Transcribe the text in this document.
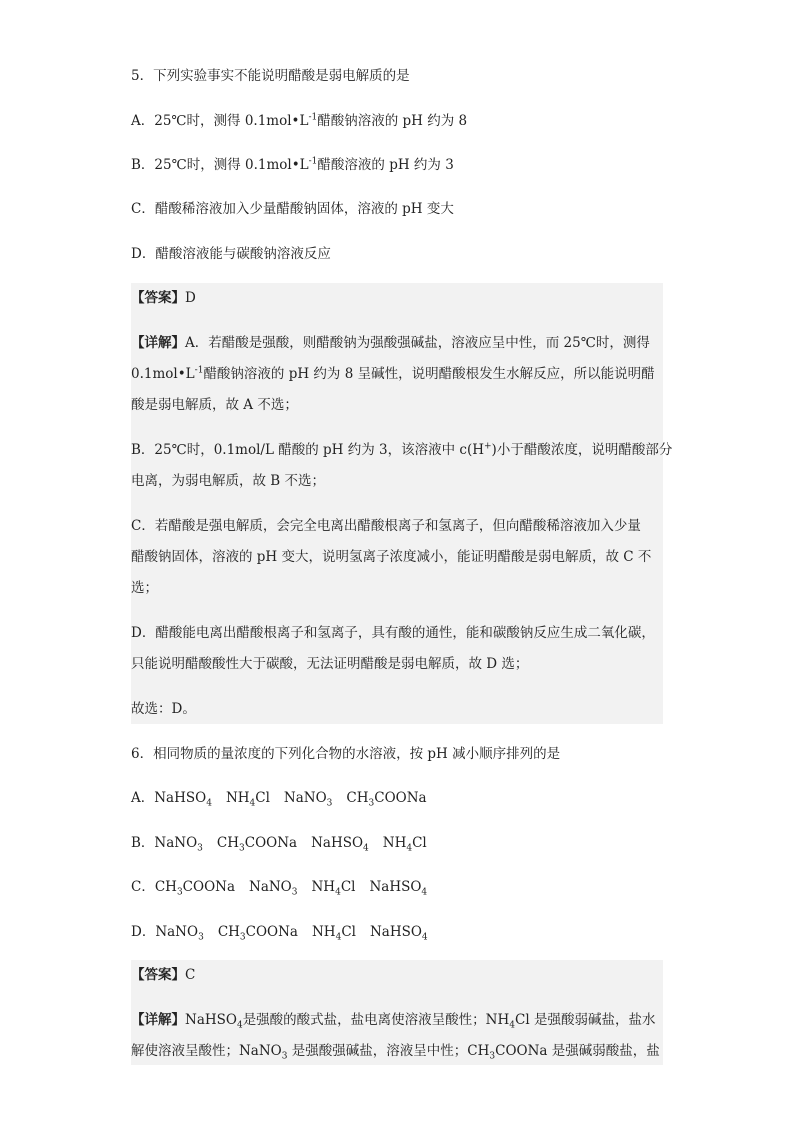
5．下列实验事实不能说明醋酸是弱电解质的是
A．25℃时，测得 $0.1mol•L^{-1}$醋酸钠溶液的 pH 约为 8
B．25℃时，测得 $0.1mol•L^{-1}$醋酸溶液的 pH 约为 3
C．醋酸稀溶液加入少量醋酸钠固体，溶液的 pH 变大
D．醋酸溶液能与碳酸钠溶液反应
【答案】D
【详解】A．若醋酸是强酸，则醋酸钠为强酸强碱盐，溶液应呈中性，而 25℃时，测得
$0.1mol•L^{-1}$醋酸钠溶液的 pH 约为 8 呈碱性，说明醋酸根发生水解反应，所以能说明醋
酸是弱电解质，故 A 不选；
B．25℃时，0.1mol/L 醋酸的 pH 约为 3，该溶液中 c(H+)小于醋酸浓度，说明醋酸部分
电离，为弱电解质，故 B 不选；
C．若醋酸是强电解质，会完全电离出醋酸根离子和氢离子，但向醋酸稀溶液加入少量
醋酸钠固体，溶液的 pH 变大，说明氢离子浓度减小，能证明醋酸是弱电解质，故 C 不
选；
D．醋酸能电离出醋酸根离子和氢离子，具有酸的通性，能和碳酸钠反应生成二氧化碳，
只能说明醋酸酸性大于碳酸，无法证明醋酸是弱电解质，故 D 选；
故选：D。
6．相同物质的量浓度的下列化合物的水溶液，按 pH 减小顺序排列的是
A．NaHSO$_4$ $NH_4Cl$ NaNO$_3$ $CH_3COONa$
B．NaNO$_3$ $CH_3COONa$ NaHSO$_4$ $NH_4Cl$
C．$CH_3COONa$ NaNO$_3$ $NH_4Cl$ NaHSO$_4$
D．NaNO$_3$ $CH_3COONa$ $NH_4Cl$ NaHSO$_4$
【答案】C
【详解】NaHSO$_4$是强酸的酸式盐，盐电离使溶液呈酸性；$NH_4Cl$ 是强酸弱碱盐，盐水
解使溶液呈酸性；NaNO$_3$ 是强酸强碱盐，溶液呈中性；$CH_3COONa$ 是强碱弱酸盐，盐
